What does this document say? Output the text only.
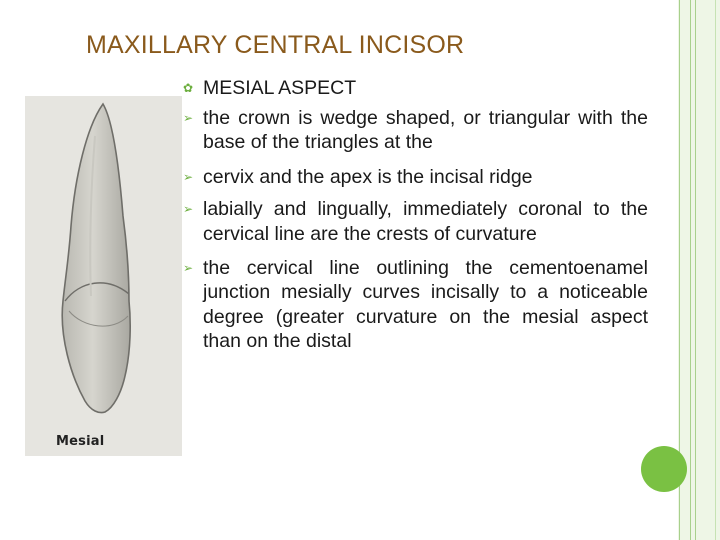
MAXILLARY CENTRAL INCISOR
Mesial
✿ MESIAL ASPECT

➢ the crown is wedge shaped, or triangular with the base of the triangles at the

➢ cervix and the apex is the incisal ridge

➢ labially and lingually, immediately coronal to the cervical line are the crests of curvature

➢ the cervical line outlining the cementoenamel junction mesially curves incisally to a noticeable degree (greater curvature on the mesial aspect than on the distal
